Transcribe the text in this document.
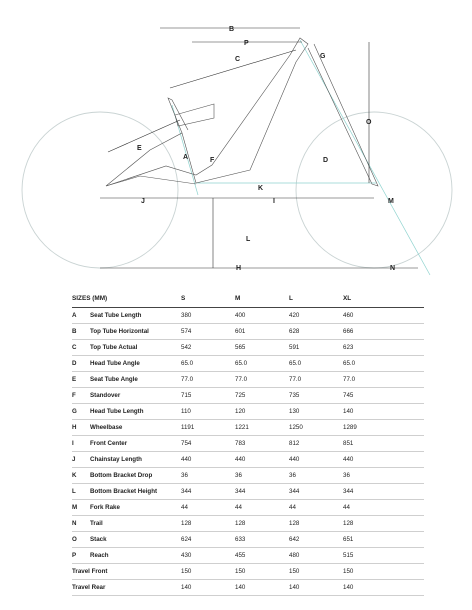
A
B
C
D
E
F
G
H
I
J
K
L
M
N
O
P
SIZES (MM)	S	M	L	XL
A	Seat Tube Length	380	400	420	460
B	Top Tube Horizontal	574	601	628	666
C	Top Tube Actual	542	565	591	623
D	Head Tube Angle	65.0	65.0	65.0	65.0
E	Seat Tube Angle	77.0	77.0	77.0	77.0
F	Standover	715	725	735	745
G	Head Tube Length	110	120	130	140
H	Wheelbase	1191	1221	1250	1289
I	Front Center	754	783	812	851
J	Chainstay Length	440	440	440	440
K	Bottom Bracket Drop	36	36	36	36
L	Bottom Bracket Height	344	344	344	344
M	Fork Rake	44	44	44	44
N	Trail	128	128	128	128
O	Stack	624	633	642	651
P	Reach	430	455	480	515
Travel Front	150	150	150	150
Travel Rear	140	140	140	140
